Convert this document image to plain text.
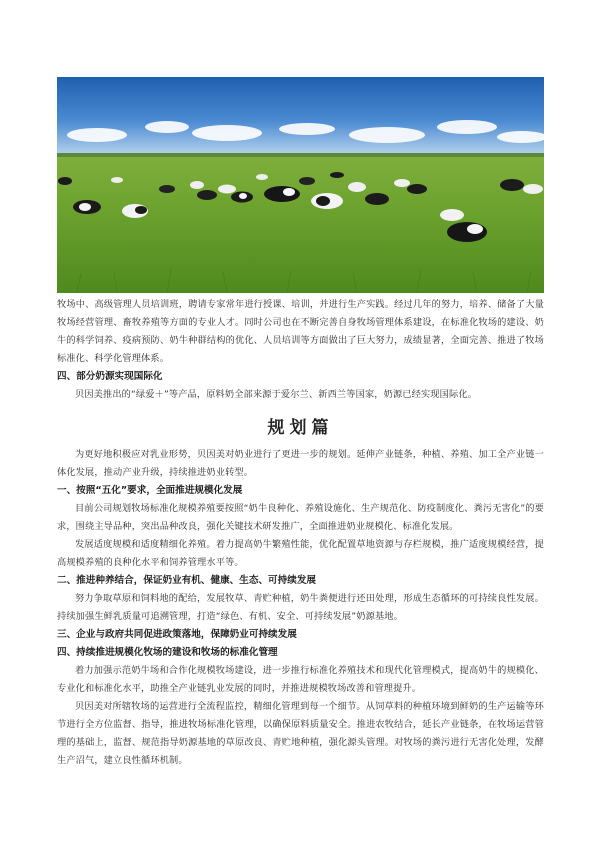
牧场中、高级管理人员培训班，聘请专家常年进行授课、培训，并进行生产实践。经过几年的努力，培养、储备了大量牧场经营管理、畜牧养殖等方面的专业人才。同时公司也在不断完善自身牧场管理体系建设，在标准化牧场的建设、奶牛的科学饲养、疫病预防、奶牛种群结构的优化、人员培训等方面做出了巨大努力，成绩显著，全面完善、推进了牧场标准化、科学化管理体系。

四、部分奶源实现国际化

贝因美推出的“绿爱＋”等产品，原料奶全部来源于爱尔兰、新西兰等国家，奶源已经实现国际化。

规划篇

为更好地积极应对乳业形势，贝因美对奶业进行了更进一步的规划。延伸产业链条，种植、养殖、加工全产业链一体化发展，推动产业升级，持续推进奶业转型。

一、按照“五化”要求，全面推进规模化发展

目前公司规划牧场标准化规模养殖要按照“奶牛良种化、养殖设施化、生产规范化、防疫制度化、粪污无害化”的要求，围绕主导品种，突出品种改良，强化关键技术研发推广，全面推进奶业规模化、标准化发展。

发展适度规模和适度精细化养殖。着力提高奶牛繁殖性能，优化配置草地资源与存栏规模，推广适度规模经营，提高规模养殖的良种化水平和饲养管理水平等。

二、推进种养结合，保证奶业有机、健康、生态、可持续发展

努力争取草原和饲料地的配给，发展牧草、青贮种植，奶牛粪便进行还田处理，形成生态循环的可持续良性发展。持续加强生鲜乳质量可追溯管理，打造“绿色、有机、安全、可持续发展”奶源基地。

三、企业与政府共同促进政策落地，保障奶业可持续发展
四、持续推进规模化牧场的建设和牧场的标准化管理

着力加强示范奶牛场和合作化规模牧场建设，进一步推行标准化养殖技术和现代化管理模式，提高奶牛的规模化、专业化和标准化水平，助推全产业链乳业发展的同时，并推进规模牧场改善和管理提升。

贝因美对所辖牧场的运营进行全流程监控，精细化管理到每一个细节。从饲草料的种植环境到鲜奶的生产运输等环节进行全方位监督、指导，推进牧场标准化管理，以确保原料质量安全。推进农牧结合，延长产业链条，在牧场运营管理的基础上，监督、规范指导奶源基地的草原改良、青贮地种植，强化源头管理。对牧场的粪污进行无害化处理，发酵生产沼气，建立良性循环机制。
